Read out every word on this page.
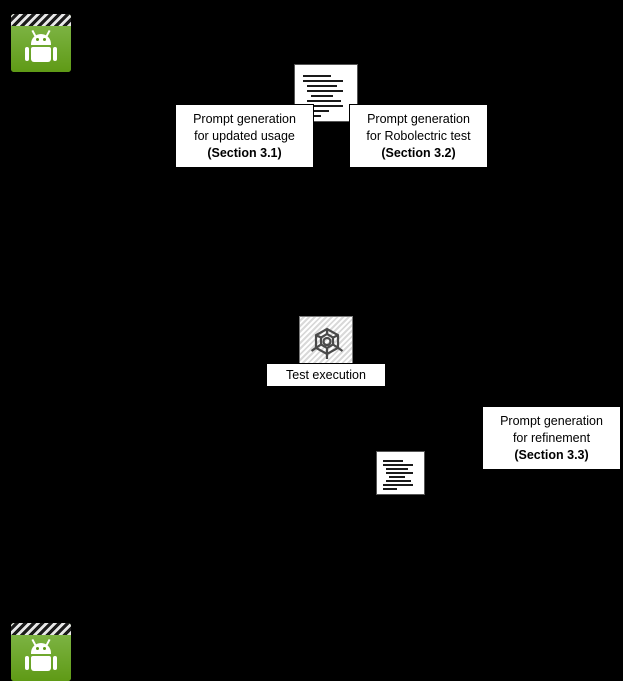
Prompt generation
for updated usage
(Section 3.1)
Prompt generation
for Robolectric test
(Section 3.2)
Test execution
Prompt generation
for refinement
(Section 3.3)
